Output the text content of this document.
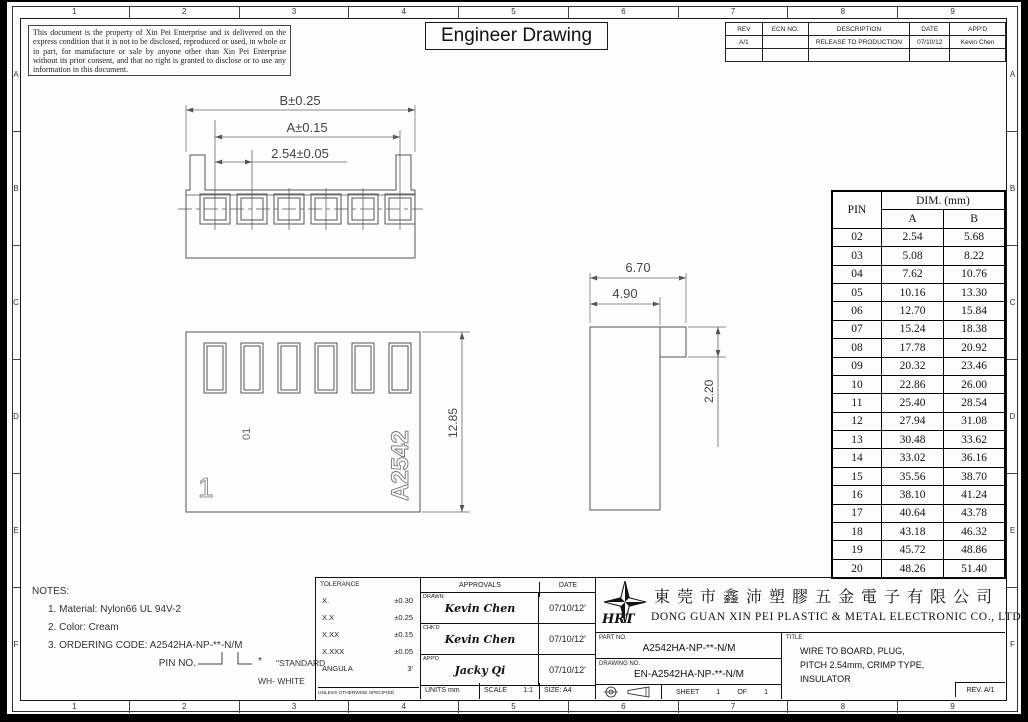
1	2	3	4	5	6	7	8	9
1	2	3	4	5	6	7	8	9
A
B
C
D
E
F
A
B
C
D
E
F
This document is the property of Xin Pei Enterprise and is delivered on the express condition that it is not to be disclosed, reproduced or used, in whole or in part, for manufacture or sale by anyone other than Xin Pei Enterprise without its prior consent, and that no right is granted to disclose or to use any information in this document.
Engineer Drawing	REV	ECN NO.	DESCRIPTION	DATE	APP'D
A/1		RELEASE TO PRODUCTION	07/10/12	Kevin Chen

PIN	DIM. (mm)	
	A	B
02	2.54	5.68
03	5.08	8.22
04	7.62	10.76
05	10.16	13.30
06	12.70	15.84
07	15.24	18.38
08	17.78	20.92
09	20.32	23.46
10	22.86	26.00
11	25.40	28.54
12	27.94	31.08
13	30.48	33.62
14	33.02	36.16
15	35.56	38.70
16	38.10	41.24
17	40.64	43.78
18	43.18	46.32
19	45.72	48.86
20	48.26	51.40
B±0.25
A±0.15
2.54±0.05
01
1	A2542
12.85
6.70
4.90
2.20
NOTES:
1. Material: Nylon66 UL 94V-2
2. Color: Cream
3. ORDERING CODE: A2542HA-NP-**-N/M
PIN NO.	* "STANDARD
WH- WHITE
TOLERANCE
X.	±0.30
X.X	±0.25
X.XX	±0.15
X.XXX	±0.05
ANGULA	3'
UNLESS OTHERWISE SPECIFIED
APPROVALS	DATE
DRAWN
Kevin Chen	07/10/12'
CHK'D
Kevin Chen	07/10/12'
APP'D
Jacky Qi	07/10/12'
UNITS mm	SCALE 1:1	SIZE: A4
HRT
東莞市鑫沛塑膠五金電子有限公司
DONG GUAN XIN PEI PLASTIC & METAL ELECTRONIC CO., LTD.
PART NO.
A2542HA-NP-**-N/M
DRAWING NO.
EN-A2542HA-NP-**-N/M
SHEET 1 OF 1
TITLE:
WIRE TO BOARD, PLUG,
PITCH 2.54mm, CRIMP TYPE,
INSULATOR
REV. A/1
